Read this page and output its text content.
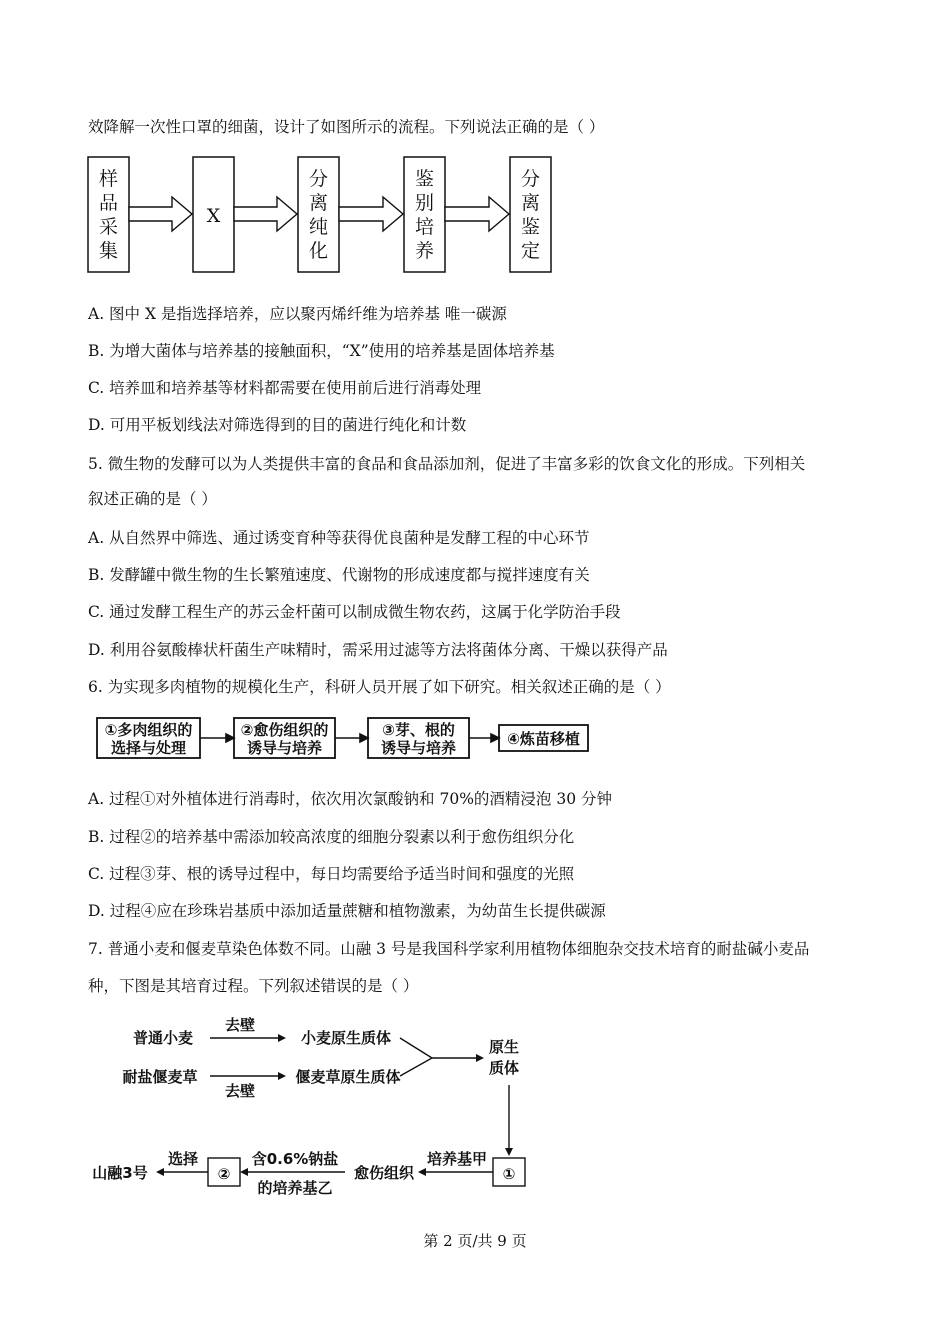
效降解一次性口罩的细菌，设计了如图所示的流程。下列说法正确的是（ ）
样品采集
X
分离纯化
鉴别培养
分离鉴定
A. 图中 X 是指选择培养，应以聚丙烯纤维为培养基 唯一碳源
B. 为增大菌体与培养基的接触面积，“X”使用的培养基是固体培养基
C. 培养皿和培养基等材料都需要在使用前后进行消毒处理
D. 可用平板划线法对筛选得到的目的菌进行纯化和计数
5. 微生物的发酵可以为人类提供丰富的食品和食品添加剂，促进了丰富多彩的饮食文化的形成。下列相关
叙述正确的是（ ）
A. 从自然界中筛选、通过诱变育种等获得优良菌种是发酵工程的中心环节
B. 发酵罐中微生物的生长繁殖速度、代谢物的形成速度都与搅拌速度有关
C. 通过发酵工程生产的苏云金杆菌可以制成微生物农药，这属于化学防治手段
D. 利用谷氨酸棒状杆菌生产味精时，需采用过滤等方法将菌体分离、干燥以获得产品
6. 为实现多肉植物的规模化生产，科研人员开展了如下研究。相关叙述正确的是（ ）
①多肉组织的
选择与处理
②愈伤组织的
诱导与培养
③芽、根的
诱导与培养	④炼苗移植
A. 过程①对外植体进行消毒时，依次用次氯酸钠和 70%的酒精浸泡 30 分钟
B. 过程②的培养基中需添加较高浓度的细胞分裂素以利于愈伤组织分化
C. 过程③芽、根的诱导过程中，每日均需要给予适当时间和强度的光照
D. 过程④应在珍珠岩基质中添加适量蔗糖和植物激素，为幼苗生长提供碳源
7. 普通小麦和偃麦草染色体数不同。山融 3 号是我国科学家利用植物体细胞杂交技术培育的耐盐碱小麦品
种，下图是其培育过程。下列叙述错误的是（ ）
普通小麦
耐盐偃麦草
去壁
去壁
小麦原生质体
偃麦草原生质体
原生
质体
培养基甲
①
愈伤组织
含0.6%钠盐
的培养基乙
②
选择
山融3号
第 2 页/共 9 页
